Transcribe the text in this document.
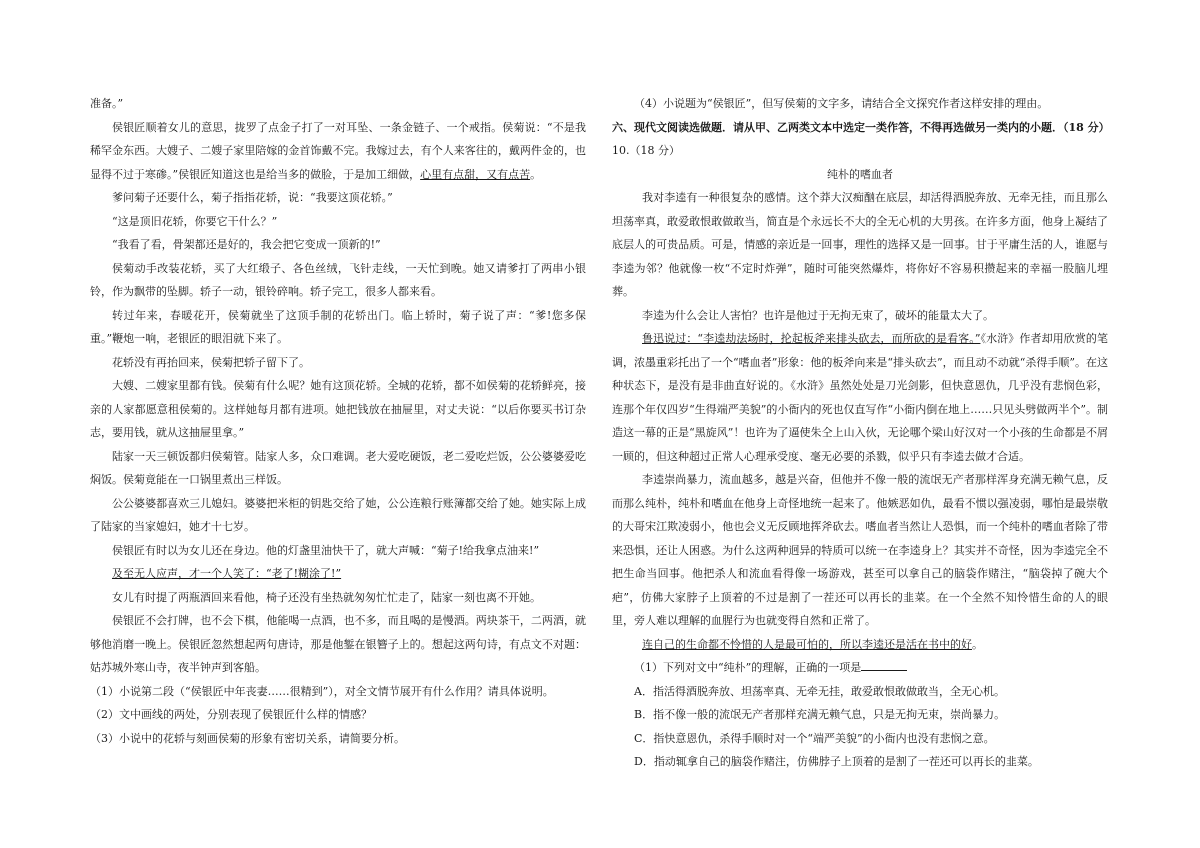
准备。”

侯银匠顺着女儿的意思，拢罗了点金子打了一对耳坠、一条金链子、一个戒指。侯菊说：“不是我稀罕金东西。大嫂子、二嫂子家里陪嫁的金首饰戴不完。我嫁过去，有个人来客往的，戴两件金的，也显得不过于寒碜。”侯银匠知道这也是给当多的做脸，于是加工细做，心里有点甜，又有点苦。

爹问菊子还要什么，菊子指指花轿，说：“我要这顶花轿。”

“这是顶旧花轿，你要它干什么？”

“我看了看，骨架都还是好的，我会把它变成一顶新的!”

侯菊动手改装花轿，买了大红缎子、各色丝绒，飞针走线，一天忙到晚。她又请爹打了两串小银铃，作为飘带的坠脚。轿子一动，银铃碎响。轿子完工，很多人都来看。

转过年来，春暖花开，侯菊就坐了这顶手制的花轿出门。临上轿时，菊子说了声：“爹!您多保重。”鞭炮一响，老银匠的眼泪就下来了。

花轿没有再抬回来，侯菊把轿子留下了。

大嫂、二嫂家里都有钱。侯菊有什么呢？她有这顶花轿。全城的花轿，都不如侯菊的花轿鲜亮，接亲的人家都愿意租侯菊的。这样她每月都有进项。她把钱放在抽屉里，对丈夫说：“以后你要买书订杂志，要用钱，就从这抽屉里拿。”

陆家一天三顿饭都归侯菊管。陆家人多，众口难调。老大爱吃硬饭，老二爱吃烂饭，公公婆婆爱吃焖饭。侯菊竟能在一口锅里煮出三样饭。

公公婆婆都喜欢三儿媳妇。婆婆把米柜的钥匙交给了她，公公连粮行账簿都交给了她。她实际上成了陆家的当家媳妇，她才十七岁。

侯银匠有时以为女儿还在身边。他的灯盏里油快干了，就大声喊：“菊子!给我拿点油来!”

及至无人应声，才一个人笑了：“老了!糊涂了!”

女儿有时提了两瓶酒回来看他，椅子还没有坐热就匆匆忙忙走了，陆家一刻也离不开她。

侯银匠不会打牌，也不会下棋，他能喝一点酒，也不多，而且喝的是慢酒。两块茶干，二两酒，就够他消磨一晚上。侯银匠忽然想起两句唐诗，那是他錾在银簪子上的。想起这两句诗，有点文不对题：姑苏城外寒山寺，夜半钟声到客船。

（1）小说第二段（“侯银匠中年丧妻……很精到”），对全文情节展开有什么作用？请具体说明。

（2）文中画线的两处，分别表现了侯银匠什么样的情感？

（3）小说中的花轿与刻画侯菊的形象有密切关系，请简要分析。

（4）小说题为“侯银匠”，但写侯菊的文字多，请结合全文探究作者这样安排的理由。

六、现代文阅读选做题．请从甲、乙两类文本中选定一类作答，不得再选做另一类内的小题．（18 分）

10.（18 分）

纯朴的嗜血者

我对李逵有一种很复杂的感情。这个莽大汉痴酗在底层，却活得酒脱奔放、无牵无挂，而且那么坦荡率真，敢爱敢恨敢做敢当，简直是个永远长不大的全无心机的大男孩。在许多方面，他身上凝结了底层人的可贵品质。可是，情感的亲近是一回事，理性的选择又是一回事。甘于平庸生活的人，谁愿与李逵为邻？他就像一枚“不定时炸弹”，随时可能突然爆炸，将你好不容易积攒起来的幸福一股脑儿埋葬。

李逵为什么会让人害怕？也许是他过于无拘无束了，破坏的能量太大了。

鲁迅说过：“李逵劫法场时，抡起板斧来排头砍去，而所砍的是看客。”《水浒》作者却用欣赏的笔调，浓墨重彩托出了一个“嗜血者”形象：他的板斧向来是“排头砍去”，而且动不动就“杀得手顺”。在这种状态下，是没有是非曲直好说的。《水浒》虽然处处是刀光剑影，但快意恩仇，几乎没有悲悯色彩，连那个年仅四岁“生得端严美貌”的小衙内的死也仅直写作“小衙内倒在地上……只见头劈做两半个”。制造这一幕的正是“黑旋风”！也许为了逼使朱仝上山入伙，无论哪个梁山好汉对一个小孩的生命都是不屑一顾的，但这种超过正常人心理承受度、毫无必要的杀戮，似乎只有李逵去做才合适。

李逵崇尚暴力，流血越多，越是兴奋，但他并不像一般的流氓无产者那样浑身充满无赖气息，反而那么纯朴，纯朴和嗜血在他身上奇怪地统一起来了。他嫉恶如仇，最看不惯以强凌弱，哪怕是最崇敬的大哥宋江欺凌弱小，他也会义无反顾地挥斧砍去。嗜血者当然让人恐惧，而一个纯朴的嗜血者除了带来恐惧，还让人困惑。为什么这两种迥异的特质可以统一在李逵身上？其实并不奇怪，因为李逵完全不把生命当回事。他把杀人和流血看得像一场游戏，甚至可以拿自己的脑袋作赌注，“脑袋掉了碗大个疤”，仿佛大家脖子上顶着的不过是割了一茬还可以再长的韭菜。在一个全然不知怜惜生命的人的眼里，旁人难以理解的血腥行为也就变得自然和正常了。

连自己的生命都不怜惜的人是最可怕的，所以李逵还是活在书中的好。

（1）下列对文中“纯朴”的理解，正确的一项是

A．指活得酒脱奔放、坦荡率真、无牵无挂，敢爱敢恨敢做敢当，全无心机。

B．指不像一般的流氓无产者那样充满无赖气息，只是无拘无束，崇尚暴力。

C．指快意恩仇，杀得手顺时对一个“端严美貌”的小衙内也没有悲悯之意。

D．指动辄拿自己的脑袋作赌注，仿佛脖子上顶着的是割了一茬还可以再长的韭菜。
